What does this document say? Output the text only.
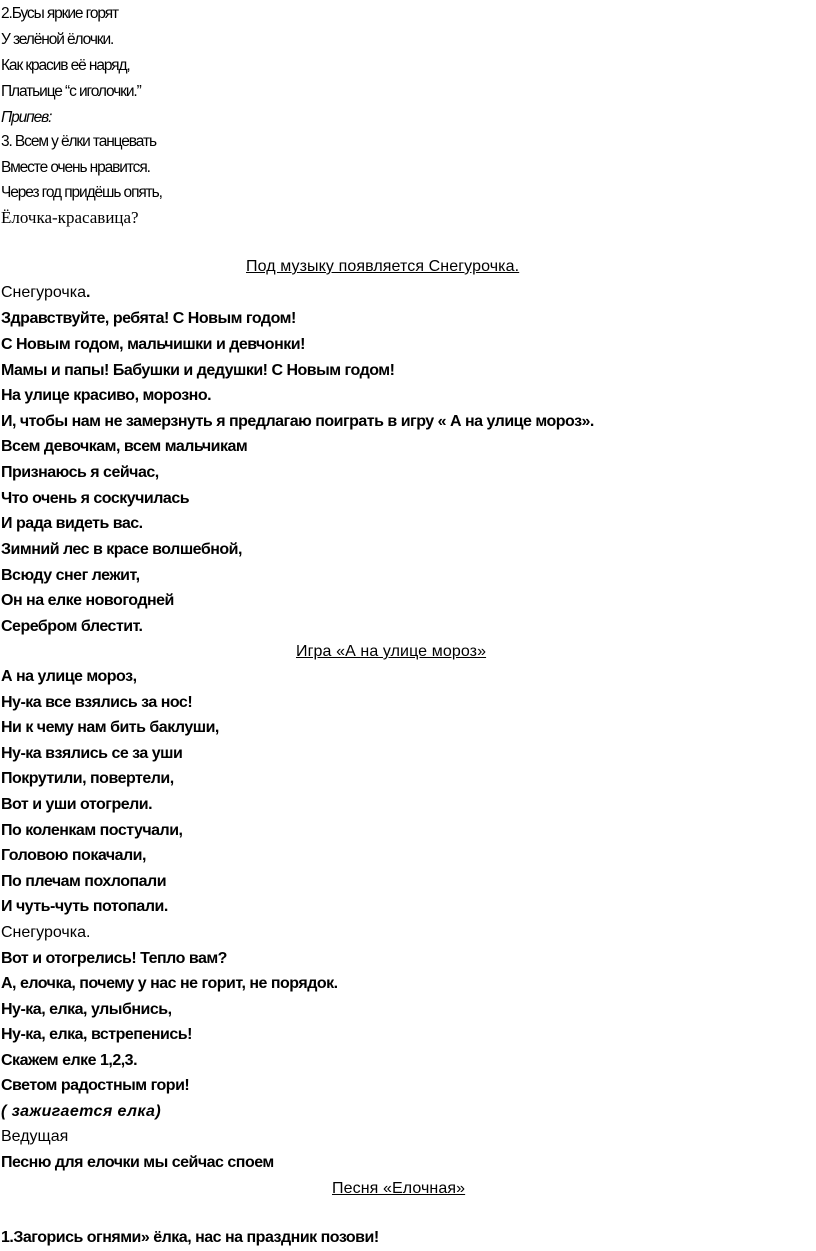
2.Бусы яркие горят
У зелёной ёлочки.
Как красив её наряд,
Платьице “с иголочки.”
Припев:
3. Всем у ёлки танцевать
Вместе очень нравится.
Через год придёшь опять,
Ёлочка-красавица?
Под музыку появляется Снегурочка.
Снегурочка.
Здравствуйте, ребята! С Новым годом!
С Новым годом, мальчишки и девчонки!
Мамы и папы! Бабушки и дедушки! С Новым годом!
На улице красиво, морозно.
И, чтобы нам не замерзнуть я предлагаю поиграть в игру « А на улице мороз».
Всем девочкам, всем мальчикам
Признаюсь я сейчас,
Что очень я соскучилась
И рада видеть вас.
Зимний лес в красе волшебной,
Всюду снег лежит,
Он на елке новогодней
Серебром блестит.
Игра «А на улице мороз»
А на улице мороз,
Ну-ка все взялись за нос!
Ни к чему нам бить баклуши,
Ну-ка взялись се за уши
Покрутили, повертели,
Вот и уши отогрели.
По коленкам постучали,
Головою покачали,
По плечам похлопали
И чуть-чуть потопали.
Снегурочка.
Вот и отогрелись! Тепло вам?
А, елочка, почему у нас не горит, не порядок.
Ну-ка, елка, улыбнись,
Ну-ка, елка, встрепенись!
Скажем елке 1,2,3.
Светом радостным гори!
( зажигается елка)
Ведущая
Песню для елочки мы сейчас споем
Песня «Елочная»
1.Загорись огнями» ёлка, нас на праздник позови!
